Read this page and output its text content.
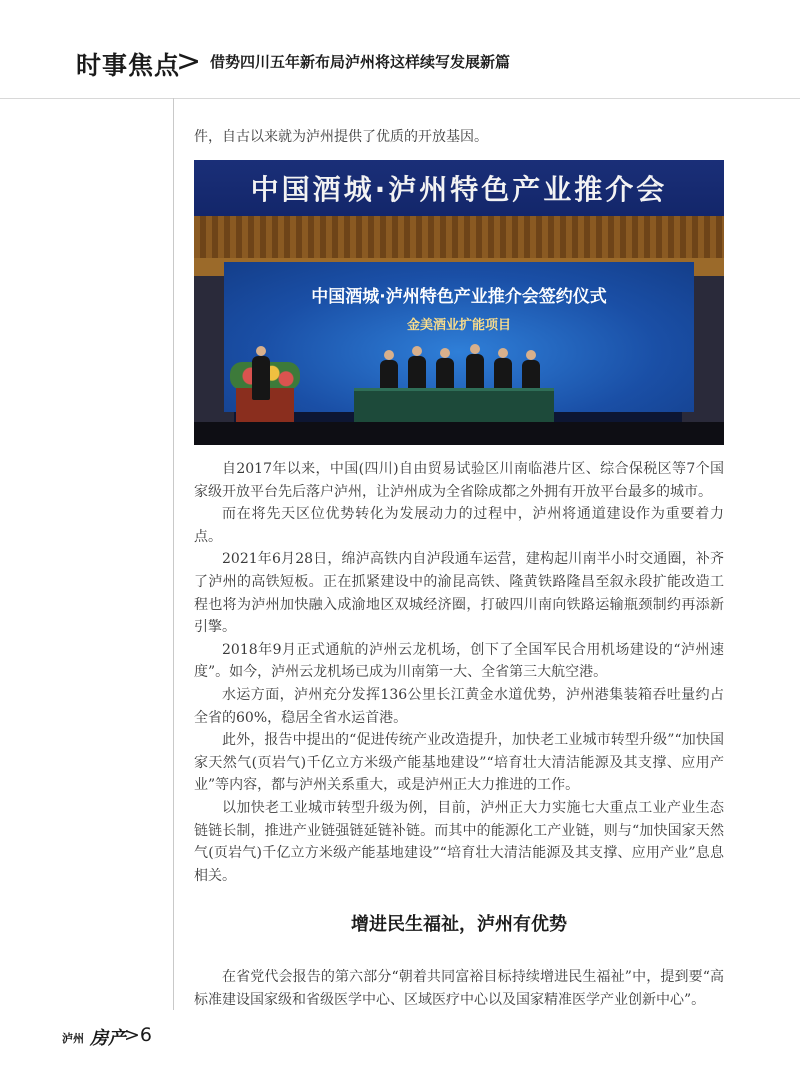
时事焦点
> 借势四川五年新布局泸州将这样续写发展新篇

件，自古以来就为泸州提供了优质的开放基因。

中国酒城·泸州特色产业推介会
中国酒城·泸州特色产业推介会签约仪式
金美酒业扩能项目

自2017年以来，中国(四川)自由贸易试验区川南临港片区、综合保税区等7个国家级开放平台先后落户泸州，让泸州成为全省除成都之外拥有开放平台最多的城市。

而在将先天区位优势转化为发展动力的过程中，泸州将通道建设作为重要着力点。

2021年6月28日，绵泸高铁内自泸段通车运营，建构起川南半小时交通圈，补齐了泸州的高铁短板。正在抓紧建设中的渝昆高铁、隆黄铁路隆昌至叙永段扩能改造工程也将为泸州加快融入成渝地区双城经济圈，打破四川南向铁路运输瓶颈制约再添新引擎。

2018年9月正式通航的泸州云龙机场，创下了全国军民合用机场建设的“泸州速度”。如今，泸州云龙机场已成为川南第一大、全省第三大航空港。

水运方面，泸州充分发挥136公里长江黄金水道优势，泸州港集装箱吞吐量约占全省的60%，稳居全省水运首港。

此外，报告中提出的“促进传统产业改造提升，加快老工业城市转型升级”“加快国家天然气(页岩气)千亿立方米级产能基地建设”“培育壮大清洁能源及其支撑、应用产业”等内容，都与泸州关系重大，或是泸州正大力推进的工作。

以加快老工业城市转型升级为例，目前，泸州正大力实施七大重点工业产业生态链链长制，推进产业链强链延链补链。而其中的能源化工产业链，则与“加快国家天然气(页岩气)千亿立方米级产能基地建设”“培育壮大清洁能源及其支撑、应用产业”息息相关。

增进民生福祉，泸州有优势

在省党代会报告的第六部分“朝着共同富裕目标持续增进民生福祉”中，提到要“高标准建设国家级和省级医学中心、区域医疗中心以及国家精准医学产业创新中心”。

泸州 房产
>6
